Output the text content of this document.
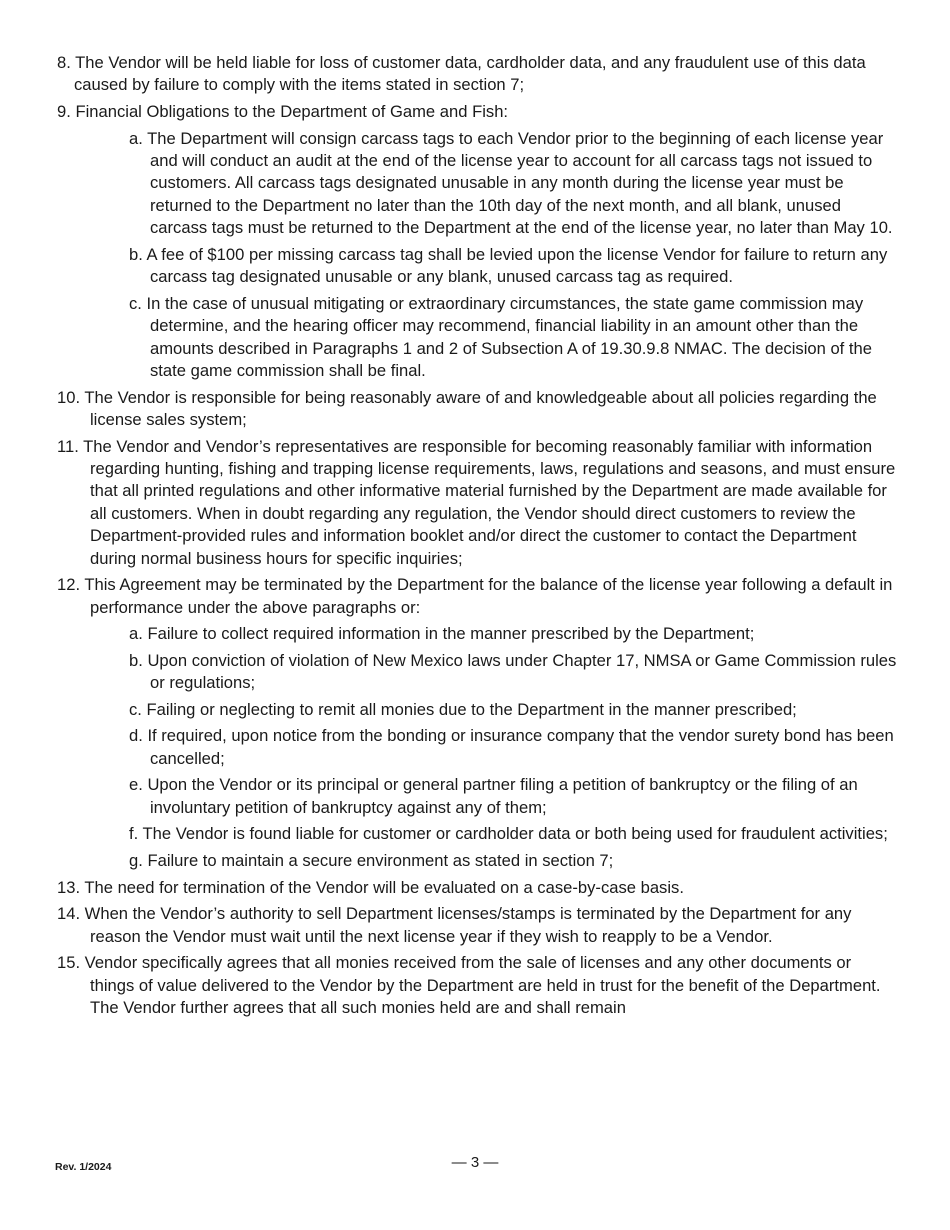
8. The Vendor will be held liable for loss of customer data, cardholder data, and any fraudulent use of this data caused by failure to comply with the items stated in section 7;

9. Financial Obligations to the Department of Game and Fish:

a. The Department will consign carcass tags to each Vendor prior to the beginning of each license year and will conduct an audit at the end of the license year to account for all carcass tags not issued to customers. All carcass tags designated unusable in any month during the license year must be returned to the Department no later than the 10th day of the next month, and all blank, unused carcass tags must be returned to the Department at the end of the license year, no later than May 10.

b. A fee of $100 per missing carcass tag shall be levied upon the license Vendor for failure to return any carcass tag designated unusable or any blank, unused carcass tag as required.

c. In the case of unusual mitigating or extraordinary circumstances, the state game commission may determine, and the hearing officer may recommend, financial liability in an amount other than the amounts described in Paragraphs 1 and 2 of Subsection A of 19.30.9.8 NMAC. The decision of the state game commission shall be final.

10. The Vendor is responsible for being reasonably aware of and knowledgeable about all policies regarding the license sales system;

11. The Vendor and Vendor’s representatives are responsible for becoming reasonably familiar with information regarding hunting, fishing and trapping license requirements, laws, regulations and seasons, and must ensure that all printed regulations and other informative material furnished by the Department are made available for all customers. When in doubt regarding any regulation, the Vendor should direct customers to review the Department-provided rules and information booklet and/or direct the customer to contact the Department during normal business hours for specific inquiries;

12. This Agreement may be terminated by the Department for the balance of the license year following a default in performance under the above paragraphs or:

a. Failure to collect required information in the manner prescribed by the Department;

b. Upon conviction of violation of New Mexico laws under Chapter 17, NMSA or Game Commission rules or regulations;

c. Failing or neglecting to remit all monies due to the Department in the manner prescribed;

d. If required, upon notice from the bonding or insurance company that the vendor surety bond has been cancelled;

e. Upon the Vendor or its principal or general partner filing a petition of bankruptcy or the filing of an involuntary petition of bankruptcy against any of them;

f. The Vendor is found liable for customer or cardholder data or both being used for fraudulent activities;

g. Failure to maintain a secure environment as stated in section 7;

13. The need for termination of the Vendor will be evaluated on a case-by-case basis.

14. When the Vendor’s authority to sell Department licenses/stamps is terminated by the Department for any reason the Vendor must wait until the next license year if they wish to reapply to be a Vendor.

15. Vendor specifically agrees that all monies received from the sale of licenses and any other documents or things of value delivered to the Vendor by the Department are held in trust for the benefit of the Department. The Vendor further agrees that all such monies held are and shall remain

Rev. 1/2024	— 3 —
